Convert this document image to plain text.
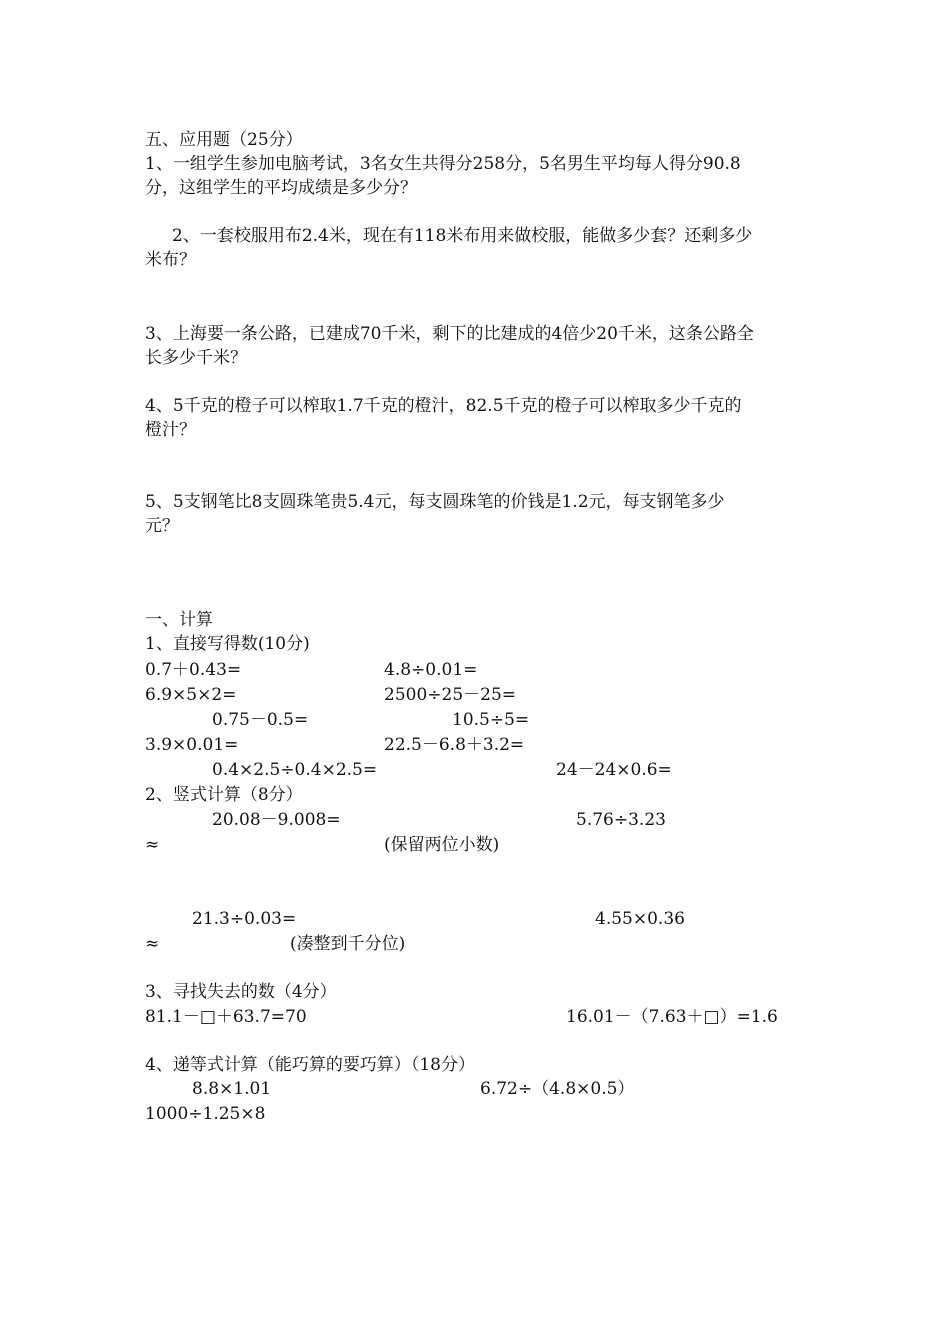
五、应用题（25分）
1、一组学生参加电脑考试，3名女生共得分258分，5名男生平均每人得分90.8
分，这组学生的平均成绩是多少分？
2、一套校服用布2.4米，现在有118米布用来做校服，能做多少套？还剩多少
米布？
3、上海要一条公路，已建成70千米，剩下的比建成的4倍少20千米，这条公路全
长多少千米？
4、5千克的橙子可以榨取1.7千克的橙汁，82.5千克的橙子可以榨取多少千克的
橙汁？
5、5支钢笔比8支圆珠笔贵5.4元，每支圆珠笔的价钱是1.2元，每支钢笔多少
元？
一、计算
1、直接写得数(10分)
0.7＋0.43=	4.8÷0.01=
6.9×5×2=	2500÷25－25=
0.75－0.5=	10.5÷5=
3.9×0.01=	22.5－6.8＋3.2=
0.4×2.5÷0.4×2.5=	24－24×0.6=
2、竖式计算（8分）
20.08－9.008=	5.76÷3.23
≈	(保留两位小数)
21.3÷0.03=	4.55×0.36
≈	(凑整到千分位)
3、寻找失去的数（4分）
81.1－□＋63.7=70	16.01－（7.63＋□）=1.6
4、递等式计算（能巧算的要巧算）（18分）
8.8×1.01	6.72÷（4.8×0.5）
1000÷1.25×8
